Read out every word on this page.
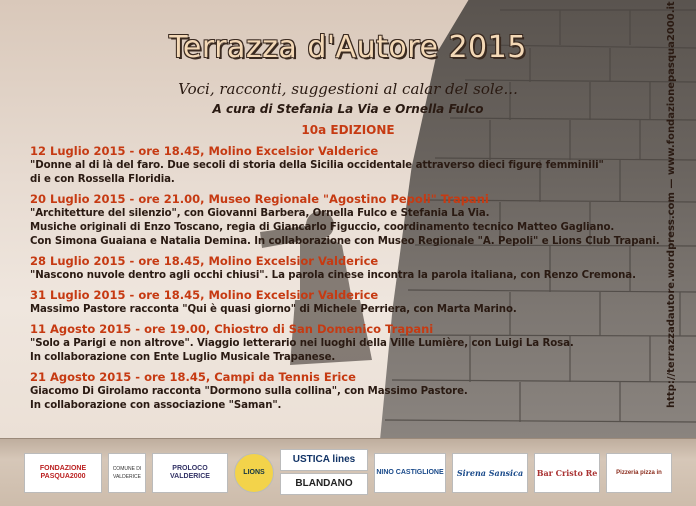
Terrazza d'Autore 2015
Voci, racconti, suggestioni al calar del sole...
A cura di Stefania La Via e Ornella Fulco
10a EDIZIONE
12 Luglio 2015 - ore 18.45, Molino Excelsior Valderice
"Donne al di là del faro. Due secoli di storia della Sicilia occidentale attraverso dieci figure femminili"
di e con Rossella Floridia.
20 Luglio 2015 - ore 21.00, Museo Regionale "Agostino Pepoli" Trapani
"Architetture del silenzio", con Giovanni Barbera, Ornella Fulco e Stefania La Via.
Musiche originali di Enzo Toscano, regia di Giancarlo Figuccio, coordinamento tecnico Matteo Gagliano.
Con Simona Guaiana e Natalia Demina. In collaborazione con Museo Regionale "A. Pepoli" e Lions Club Trapani.
28 Luglio 2015 - ore 18.45, Molino Excelsior Valderice
"Nascono nuvole dentro agli occhi chiusi". La parola cinese incontra la parola italiana, con Renzo Cremona.
31 Luglio 2015 - ore 18.45, Molino Excelsior Valderice
Massimo Pastore racconta "Qui è quasi giorno" di Michele Perriera, con Marta Marino.
11 Agosto 2015 - ore 19.00, Chiostro di San Domenico Trapani
"Solo a Parigi e non altrove". Viaggio letterario nei luoghi della Ville Lumière, con Luigi La Rosa.
In collaborazione con Ente Luglio Musicale Trapanese.
21 Agosto 2015 - ore 18.45, Campi da Tennis Erice
Giacomo Di Girolamo racconta "Dormono sulla collina", con Massimo Pastore.
In collaborazione con associazione "Saman".	http://terrazzadautore.wordpress.com — www.fondazionepasqua2000.it
FONDAZIONE PASQUA2000
COMUNE DI VALDERICE
PROLOCO VALDERICE
LIONS
USTICA lines
BLANDANO
NINO CASTIGLIONE Sirena Sansica Bar Cristo Re	Pizzeria pizza in
